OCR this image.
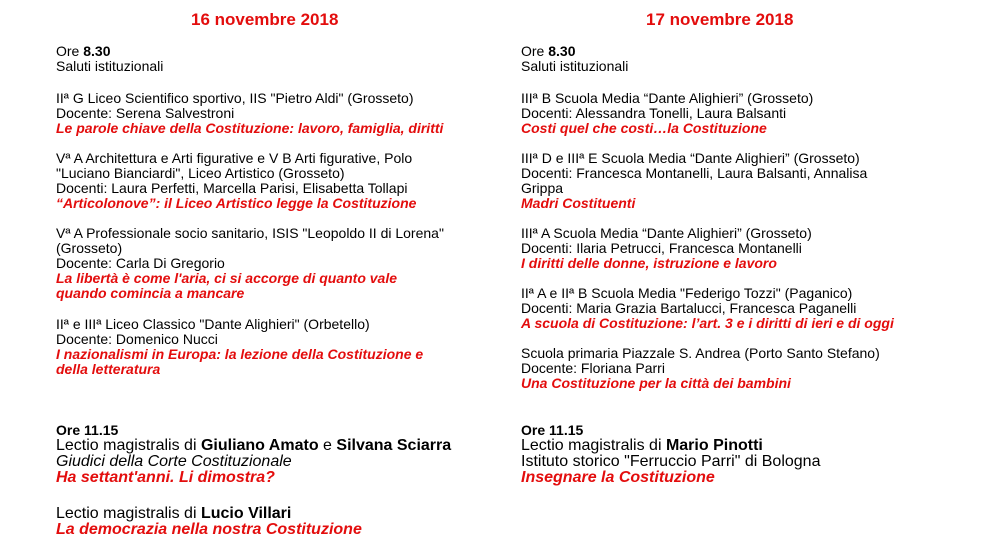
16 novembre 2018	17 novembre 2018
Ore 8.30
Saluti istituzionali
IIª G Liceo Scientifico sportivo, IIS "Pietro Aldi" (Grosseto)
Docente: Serena Salvestroni
Le parole chiave della Costituzione: lavoro, famiglia, diritti
Vª A Architettura e Arti figurative e V B Arti figurative, Polo
"Luciano Bianciardi", Liceo Artistico (Grosseto)
Docenti: Laura Perfetti, Marcella Parisi, Elisabetta Tollapi
“Articolonove”: il Liceo Artistico legge la Costituzione
Vª A Professionale socio sanitario, ISIS "Leopoldo II di Lorena"
(Grosseto)
Docente: Carla Di Gregorio
La libertà è come l'aria, ci si accorge di quanto vale
quando comincia a mancare
IIª e IIIª Liceo Classico "Dante Alighieri" (Orbetello)
Docente: Domenico Nucci
I nazionalismi in Europa: la lezione della Costituzione e
della letteratura
Ore 11.15
Lectio magistralis di Giuliano Amato e Silvana Sciarra
Giudici della Corte Costituzionale
Ha settant'anni. Li dimostra?
Lectio magistralis di Lucio Villari
La democrazia nella nostra Costituzione
Ore 8.30
Saluti istituzionali
IIIª B Scuola Media “Dante Alighieri” (Grosseto)
Docenti: Alessandra Tonelli, Laura Balsanti
Costi quel che costi…la Costituzione
IIIª D e IIIª E Scuola Media “Dante Alighieri” (Grosseto)
Docenti: Francesca Montanelli, Laura Balsanti, Annalisa
Grippa
Madri Costituenti
IIIª A Scuola Media “Dante Alighieri” (Grosseto)
Docenti: Ilaria Petrucci, Francesca Montanelli
I diritti delle donne, istruzione e lavoro
IIª A e IIª B Scuola Media "Federigo Tozzi" (Paganico)
Docenti: Maria Grazia Bartalucci, Francesca Paganelli
A scuola di Costituzione: l’art. 3 e i diritti di ieri e di oggi
Scuola primaria Piazzale S. Andrea (Porto Santo Stefano)
Docente: Floriana Parri
Una Costituzione per la città dei bambini
Ore 11.15
Lectio magistralis di Mario Pinotti
Istituto storico "Ferruccio Parri" di Bologna
Insegnare la Costituzione
